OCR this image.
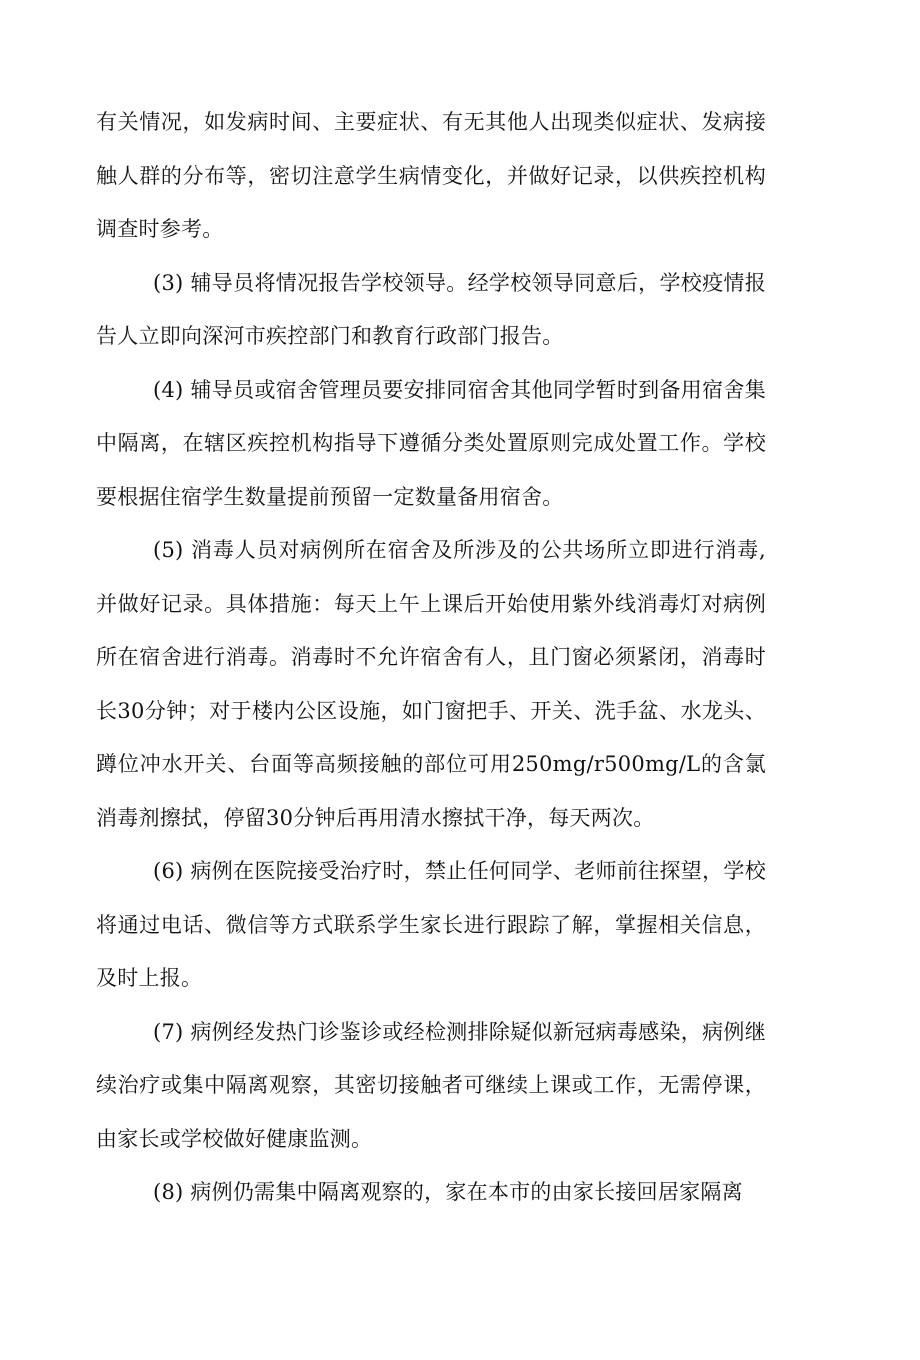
有关情况，如发病时间、主要症状、有无其他人出现类似症状、发病接触人群的分布等，密切注意学生病情变化，并做好记录，以供疾控机构调查时参考。

(3) 辅导员将情况报告学校领导。经学校领导同意后，学校疫情报告人立即向深河市疾控部门和教育行政部门报告。

(4) 辅导员或宿舍管理员要安排同宿舍其他同学暂时到备用宿舍集中隔离，在辖区疾控机构指导下遵循分类处置原则完成处置工作。学校要根据住宿学生数量提前预留一定数量备用宿舍。

(5) 消毒人员对病例所在宿舍及所涉及的公共场所立即进行消毒,并做好记录。具体措施：每天上午上课后开始使用紫外线消毒灯对病例所在宿舍进行消毒。消毒时不允许宿舍有人，且门窗必须紧闭，消毒时长30分钟；对于楼内公区设施，如门窗把手、开关、洗手盆、水龙头、蹲位冲水开关、台面等高频接触的部位可用250mg/r500mg/L的含氯消毒剂擦拭，停留30分钟后再用清水擦拭干净，每天两次。

(6) 病例在医院接受治疗时，禁止任何同学、老师前往探望，学校将通过电话、微信等方式联系学生家长进行跟踪了解，掌握相关信息，及时上报。

(7) 病例经发热门诊鉴诊或经检测排除疑似新冠病毒感染，病例继续治疗或集中隔离观察，其密切接触者可继续上课或工作，无需停课，由家长或学校做好健康监测。

(8) 病例仍需集中隔离观察的，家在本市的由家长接回居家隔离
